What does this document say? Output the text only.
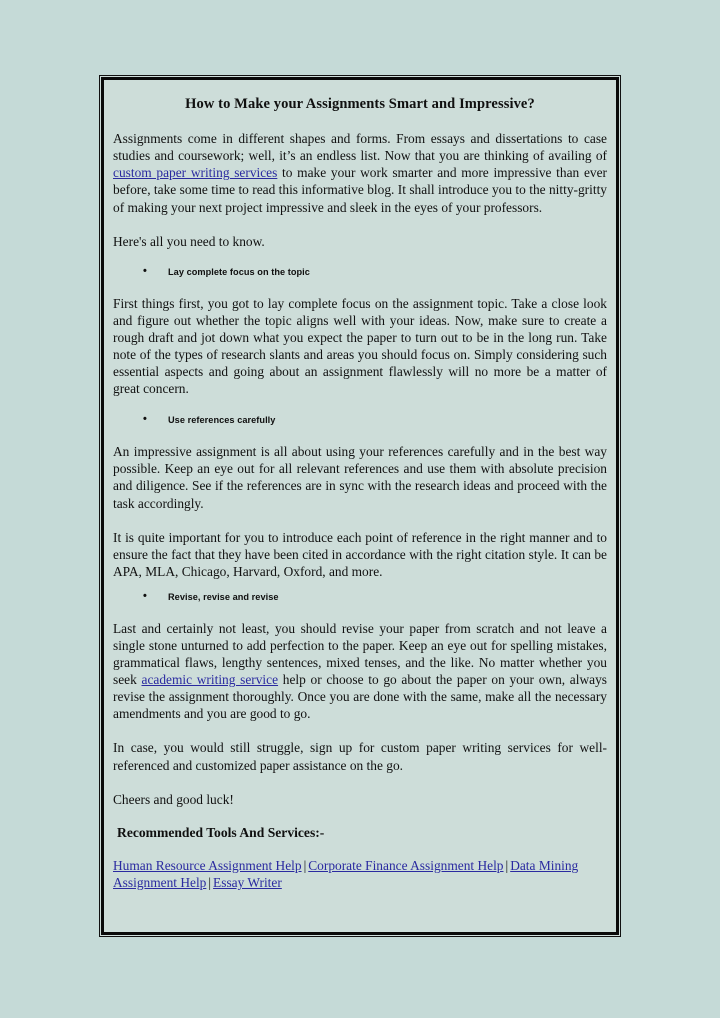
How to Make your Assignments Smart and Impressive?

Assignments come in different shapes and forms. From essays and dissertations to case studies and coursework; well, it’s an endless list. Now that you are thinking of availing of custom paper writing services to make your work smarter and more impressive than ever before, take some time to read this informative blog. It shall introduce you to the nitty-gritty of making your next project impressive and sleek in the eyes of your professors.

Here's all you need to know.

• Lay complete focus on the topic

First things first, you got to lay complete focus on the assignment topic. Take a close look and figure out whether the topic aligns well with your ideas. Now, make sure to create a rough draft and jot down what you expect the paper to turn out to be in the long run. Take note of the types of research slants and areas you should focus on. Simply considering such essential aspects and going about an assignment flawlessly will no more be a matter of great concern.

• Use references carefully

An impressive assignment is all about using your references carefully and in the best way possible. Keep an eye out for all relevant references and use them with absolute precision and diligence. See if the references are in sync with the research ideas and proceed with the task accordingly.

It is quite important for you to introduce each point of reference in the right manner and to ensure the fact that they have been cited in accordance with the right citation style. It can be APA, MLA, Chicago, Harvard, Oxford, and more.

• Revise, revise and revise

Last and certainly not least, you should revise your paper from scratch and not leave a single stone unturned to add perfection to the paper. Keep an eye out for spelling mistakes, grammatical flaws, lengthy sentences, mixed tenses, and the like. No matter whether you seek academic writing service help or choose to go about the paper on your own, always revise the assignment thoroughly. Once you are done with the same, make all the necessary amendments and you are good to go.

In case, you would still struggle, sign up for custom paper writing services for well-referenced and customized paper assistance on the go.

Cheers and good luck!

Recommended Tools And Services:-

Human Resource Assignment Help | Corporate Finance Assignment Help | Data Mining Assignment Help | Essay Writer
